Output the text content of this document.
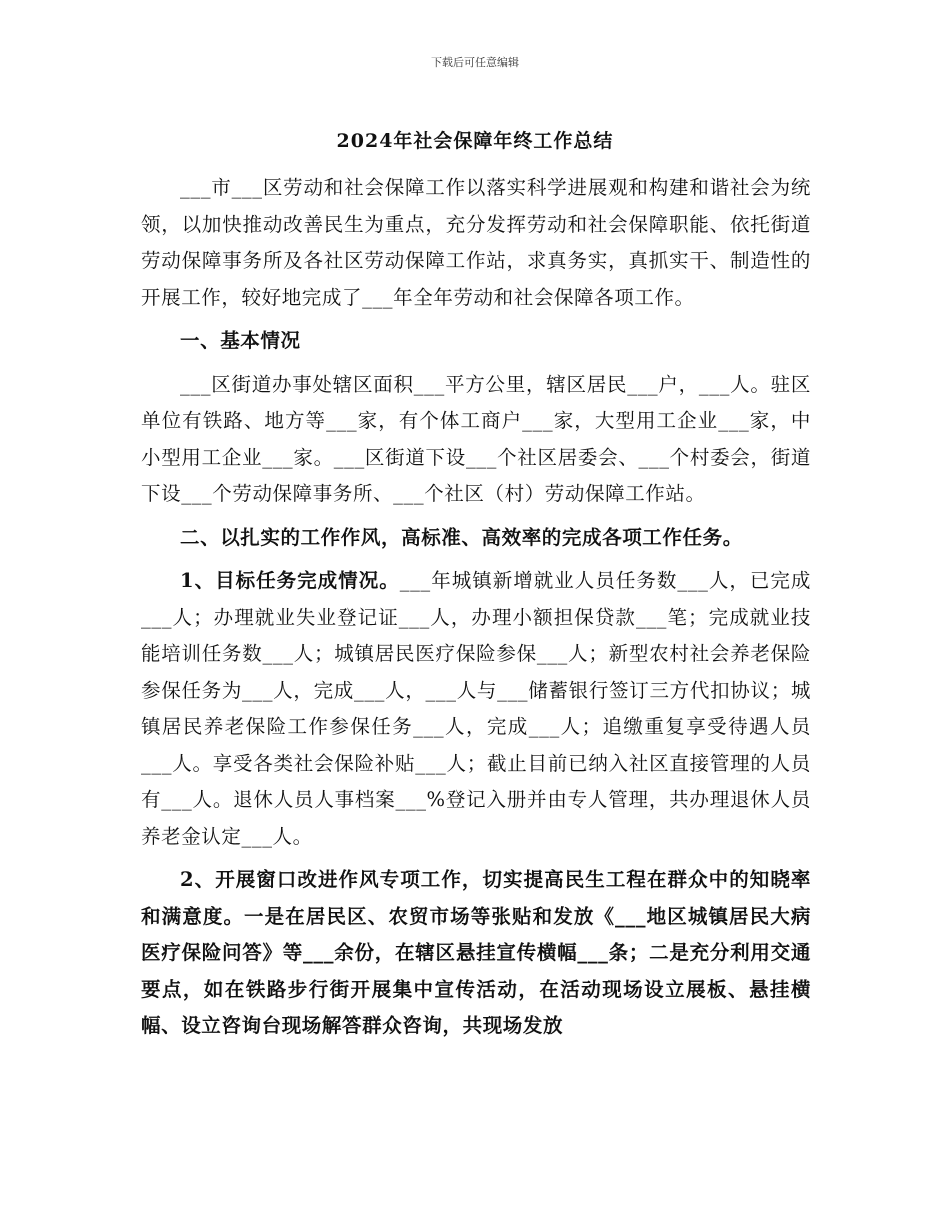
下载后可任意编辑
2024年社会保障年终工作总结

___市___区劳动和社会保障工作以落实科学进展观和构建和谐社会为统领，以加快推动改善民生为重点，充分发挥劳动和社会保障职能、依托街道劳动保障事务所及各社区劳动保障工作站，求真务实，真抓实干、制造性的开展工作，较好地完成了___年全年劳动和社会保障各项工作。

一、基本情况

___区街道办事处辖区面积___平方公里，辖区居民___户，___人。驻区单位有铁路、地方等___家，有个体工商户___家，大型用工企业___家，中小型用工企业___家。___区街道下设___个社区居委会、___个村委会，街道下设___个劳动保障事务所、___个社区（村）劳动保障工作站。

二、以扎实的工作作风，高标准、高效率的完成各项工作任务。

1、目标任务完成情况。___年城镇新增就业人员任务数___人，已完成___人；办理就业失业登记证___人，办理小额担保贷款___笔；完成就业技能培训任务数___人；城镇居民医疗保险参保___人；新型农村社会养老保险参保任务为___人，完成___人，___人与___储蓄银行签订三方代扣协议；城镇居民养老保险工作参保任务___人，完成___人；追缴重复享受待遇人员___人。享受各类社会保险补贴___人；截止目前已纳入社区直接管理的人员有___人。退休人员人事档案___%登记入册并由专人管理，共办理退休人员养老金认定___人。

2、开展窗口改进作风专项工作，切实提高民生工程在群众中的知晓率和满意度。一是在居民区、农贸市场等张贴和发放《___地区城镇居民大病医疗保险问答》等___余份，在辖区悬挂宣传横幅___条；二是充分利用交通要点，如在铁路步行街开展集中宣传活动，在活动现场设立展板、悬挂横幅、设立咨询台现场解答群众咨询，共现场发放
